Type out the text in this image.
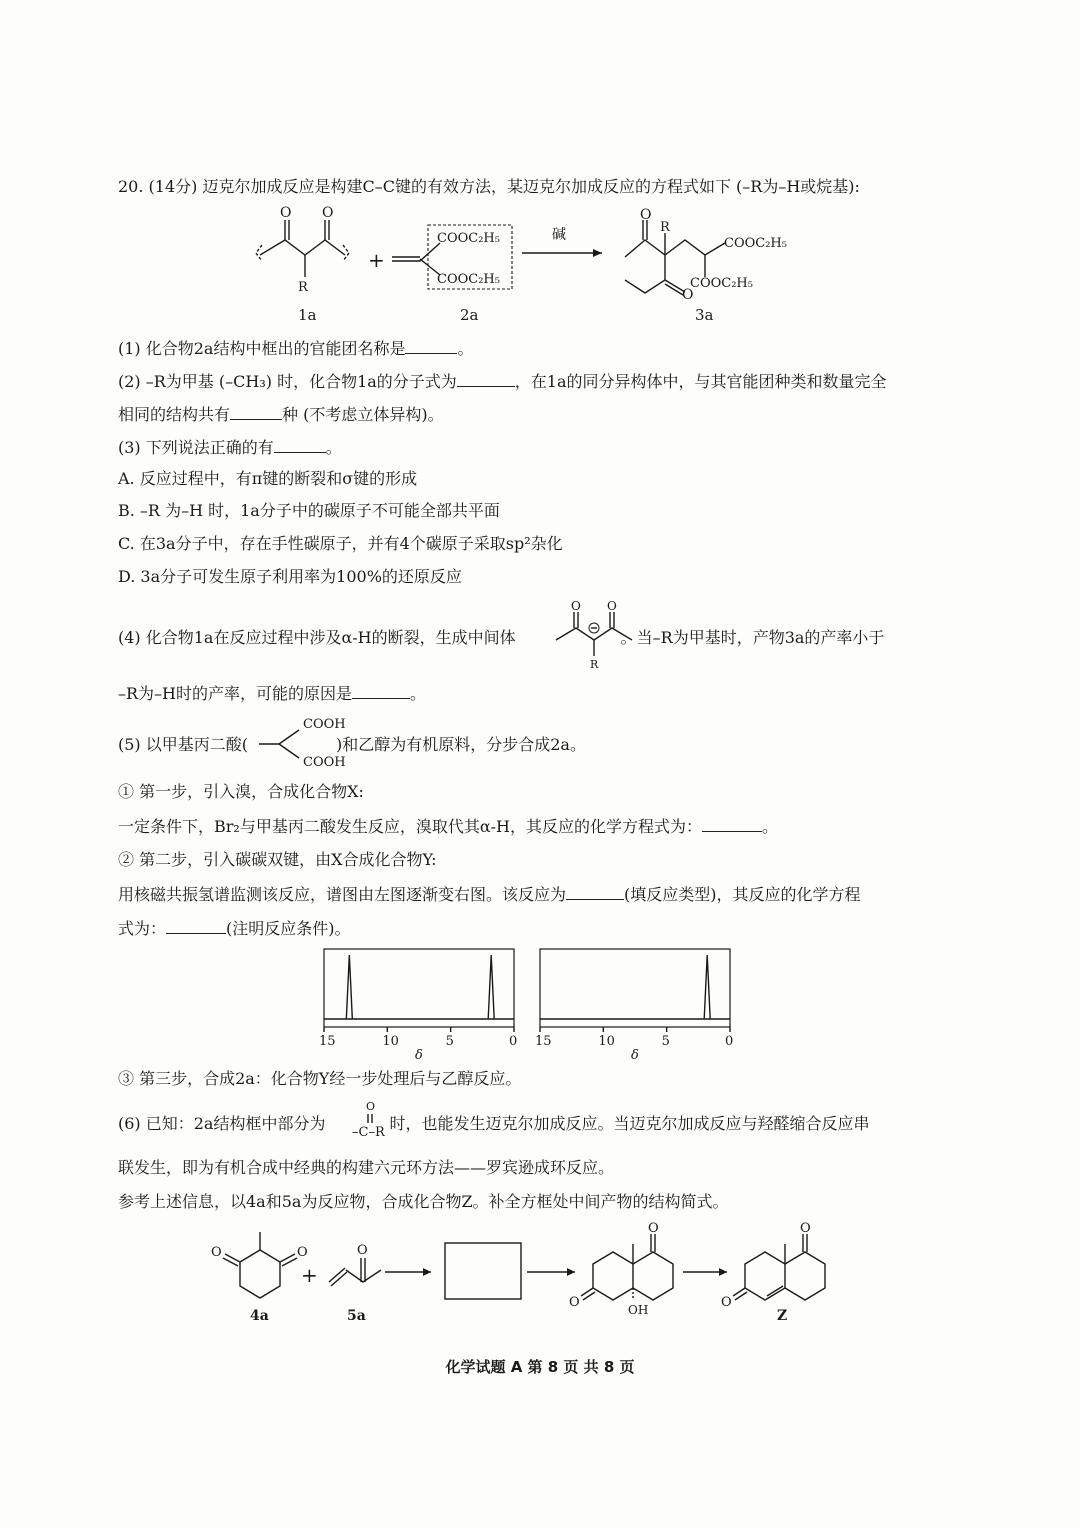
20. (14分) 迈克尔加成反应是构建C–C键的有效方法，某迈克尔加成反应的方程式如下 (–R为–H或烷基):
O O
R
1a
+
COOC₂H₅
COOC₂H₅
2a
碱
O
R
COOC₂H₅
COOC₂H₅
O
3a
(1) 化合物2a结构中框出的官能团名称是	。
(2) –R为甲基 (–CH₃) 时，化合物1a的分子式为	，在1a的同分异构体中，与其官能团种类和数量完全
相同的结构共有	种 (不考虑立体异构)。
(3) 下列说法正确的有	。
A. 反应过程中，有π键的断裂和σ键的形成
B. –R 为–H 时，1a分子中的碳原子不可能全部共平面
C. 在3a分子中，存在手性碳原子，并有4个碳原子采取sp²杂化
D. 3a分子可发生原子利用率为100%的还原反应
(4) 化合物1a在反应过程中涉及α-H的断裂，生成中间体	。当–R为甲基时，产物3a的产率小于
O O
R
–R为–H时的产率，可能的原因是	。
(5) 以甲基丙二酸(	)和乙醇为有机原料，分步合成2a。
COOH
COOH
① 第一步，引入溴，合成化合物X:
一定条件下，Br₂与甲基丙二酸发生反应，溴取代其α-H，其反应的化学方程式为：	。
② 第二步，引入碳碳双键，由X合成化合物Y:
用核磁共振氢谱监测该反应，谱图由左图逐渐变右图。该反应为	(填反应类型)，其反应的化学方程
式为：	(注明反应条件)。
15	10	5	0
δ
15	10	5	0
δ
③ 第三步，合成2a：化合物Y经一步处理后与乙醇反应。
(6) 已知：2a结构框中部分为	时，也能发生迈克尔加成反应。当迈克尔加成反应与羟醛缩合反应串
O
–C–R
联发生，即为有机合成中经典的构建六元环方法——罗宾逊成环反应。
参考上述信息，以4a和5a为反应物，合成化合物Z。补全方框处中间产物的结构简式。
O	O
4a
+
O
5a
O
O	OH
O
O
Z
化学试题 A 第 8 页 共 8 页
